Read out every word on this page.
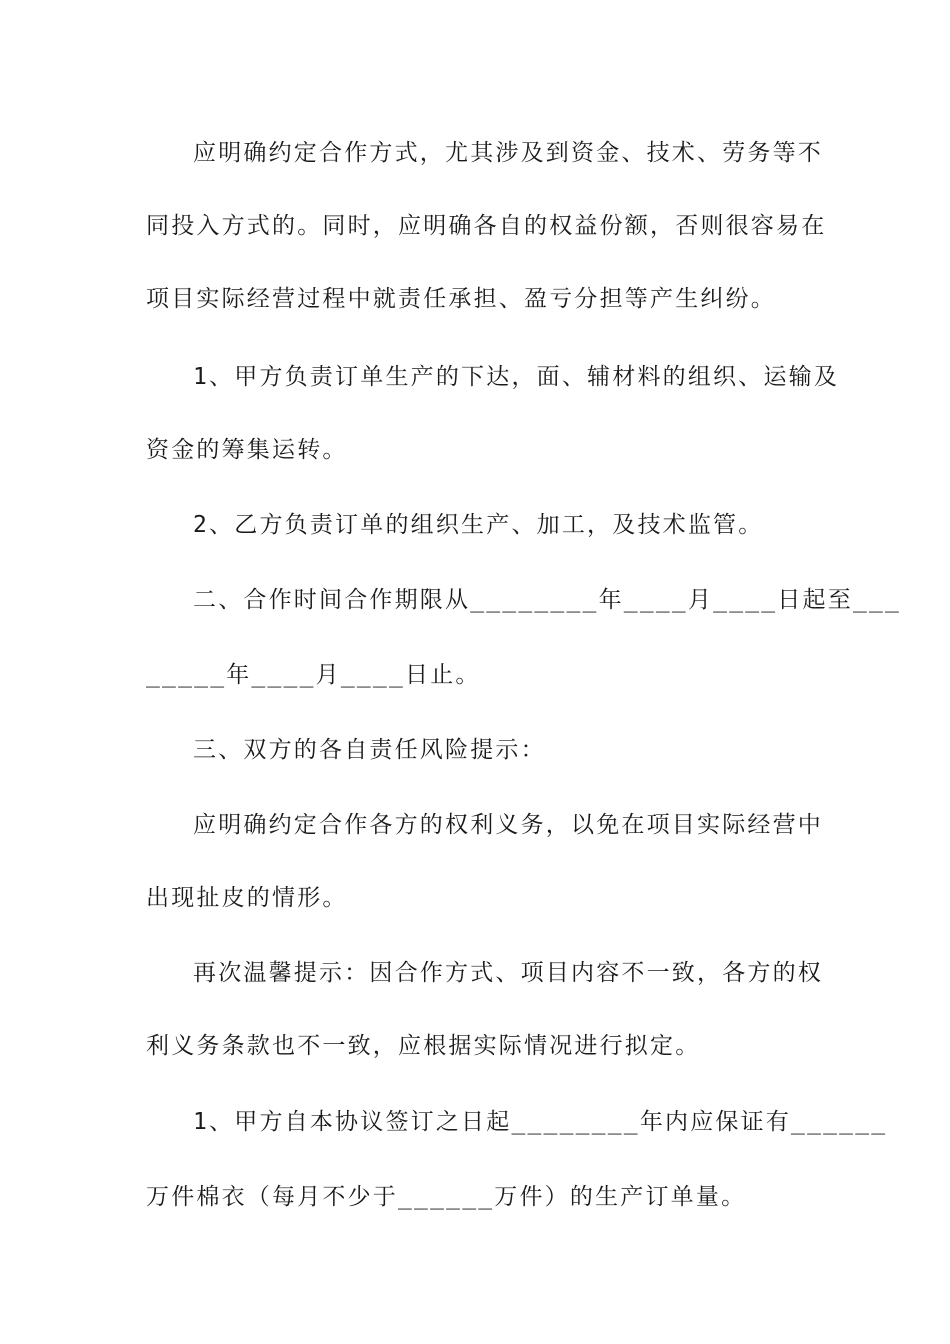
应明确约定合作方式，尤其涉及到资金、技术、劳务等不
同投入方式的。同时，应明确各自的权益份额，否则很容易在
项目实际经营过程中就责任承担、盈亏分担等产生纠纷。
1、甲方负责订单生产的下达，面、辅材料的组织、运输及
资金的筹集运转。
2、乙方负责订单的组织生产、加工，及技术监管。
二、合作时间合作期限从________年____月____日起至___
_____年____月____日止。
三、双方的各自责任风险提示：
应明确约定合作各方的权利义务，以免在项目实际经营中
出现扯皮的情形。
再次温馨提示：因合作方式、项目内容不一致，各方的权
利义务条款也不一致，应根据实际情况进行拟定。
1、甲方自本协议签订之日起________年内应保证有______
万件棉衣（每月不少于______万件）的生产订单量。
